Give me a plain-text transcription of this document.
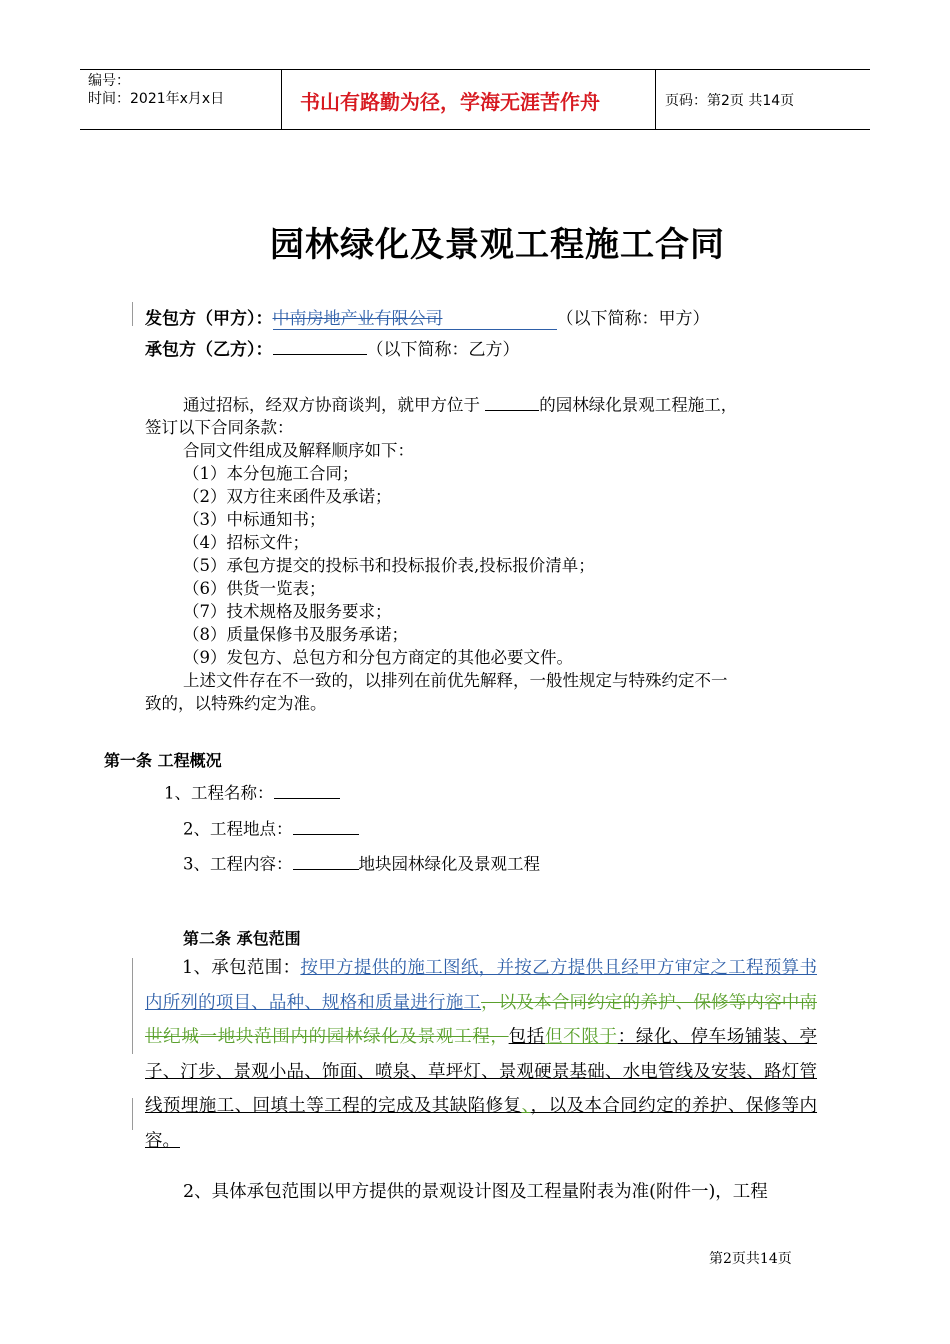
编号：
时间：2021年x月x日	书山有路勤为径，学海无涯苦作舟	页码：第2页 共14页
园林绿化及景观工程施工合同
发包方（甲方）：中南房地产业有限公司	（以下简称：甲方）
承包方（乙方）：	（以下简称：乙方）
通过招标，经双方协商谈判，就甲方位于	的园林绿化景观工程施工，
签订以下合同条款：
合同文件组成及解释顺序如下：
（1）本分包施工合同；
（2）双方往来函件及承诺；
（3）中标通知书；
（4）招标文件；
（5）承包方提交的投标书和投标报价表,投标报价清单；
（6）供货一览表；
（7）技术规格及服务要求；
（8）质量保修书及服务承诺；
（9）发包方、总包方和分包方商定的其他必要文件。
上述文件存在不一致的，以排列在前优先解释，一般性规定与特殊约定不一
致的，以特殊约定为准。
第一条 工程概况
1、工程名称：
2、工程地点：
3、工程内容：	地块园林绿化及景观工程
第二条 承包范围
1、承包范围：按甲方提供的施工图纸，并按乙方提供且经甲方审定之工程预算书内所列的项目、品种、规格和质量进行施工，以及本合同约定的养护、保修等内容中南世纪城一地块范围内的园林绿化及景观工程，包括但不限于：绿化、停车场铺装、亭子、汀步、景观小品、饰面、喷泉、草坪灯、景观硬景基础、水电管线及安装、路灯管线预埋施工、回填土等工程的完成及其缺陷修复、，以及本合同约定的养护、保修等内容。
2、具体承包范围以甲方提供的景观设计图及工程量附表为准(附件一)，工程
第2页共14页
